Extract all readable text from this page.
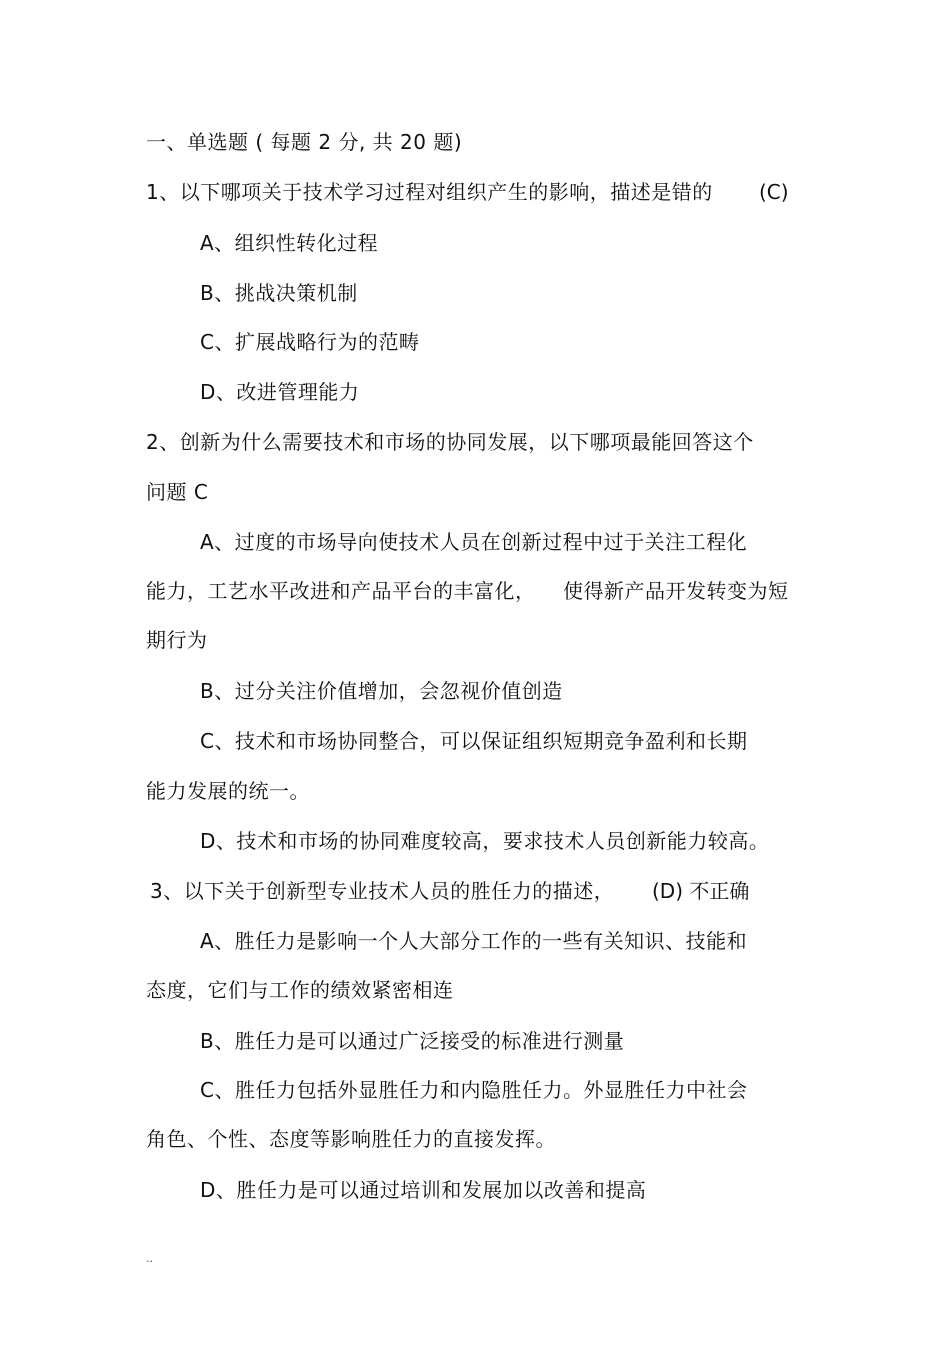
一、单选题 ( 每题 2 分, 共 20 题)
1、以下哪项关于技术学习过程对组织产生的影响，描述是错的 (C)
A、组织性转化过程
B、挑战决策机制
C、扩展战略行为的范畴
D、改进管理能力
2、创新为什么需要技术和市场的协同发展，以下哪项最能回答这个
问题 C
A、过度的市场导向使技术人员在创新过程中过于关注工程化
能力，工艺水平改进和产品平台的丰富化， 使得新产品开发转变为短
期行为
B、过分关注价值增加，会忽视价值创造
C、技术和市场协同整合，可以保证组织短期竞争盈利和长期
能力发展的统一。
D、技术和市场的协同难度较高，要求技术人员创新能力较高。
3、以下关于创新型专业技术人员的胜任力的描述， (D) 不正确
A、胜任力是影响一个人大部分工作的一些有关知识、技能和
态度，它们与工作的绩效紧密相连
B、胜任力是可以通过广泛接受的标准进行测量
C、胜任力包括外显胜任力和内隐胜任力。外显胜任力中社会
角色、个性、态度等影响胜任力的直接发挥。
D、胜任力是可以通过培训和发展加以改善和提高
..
